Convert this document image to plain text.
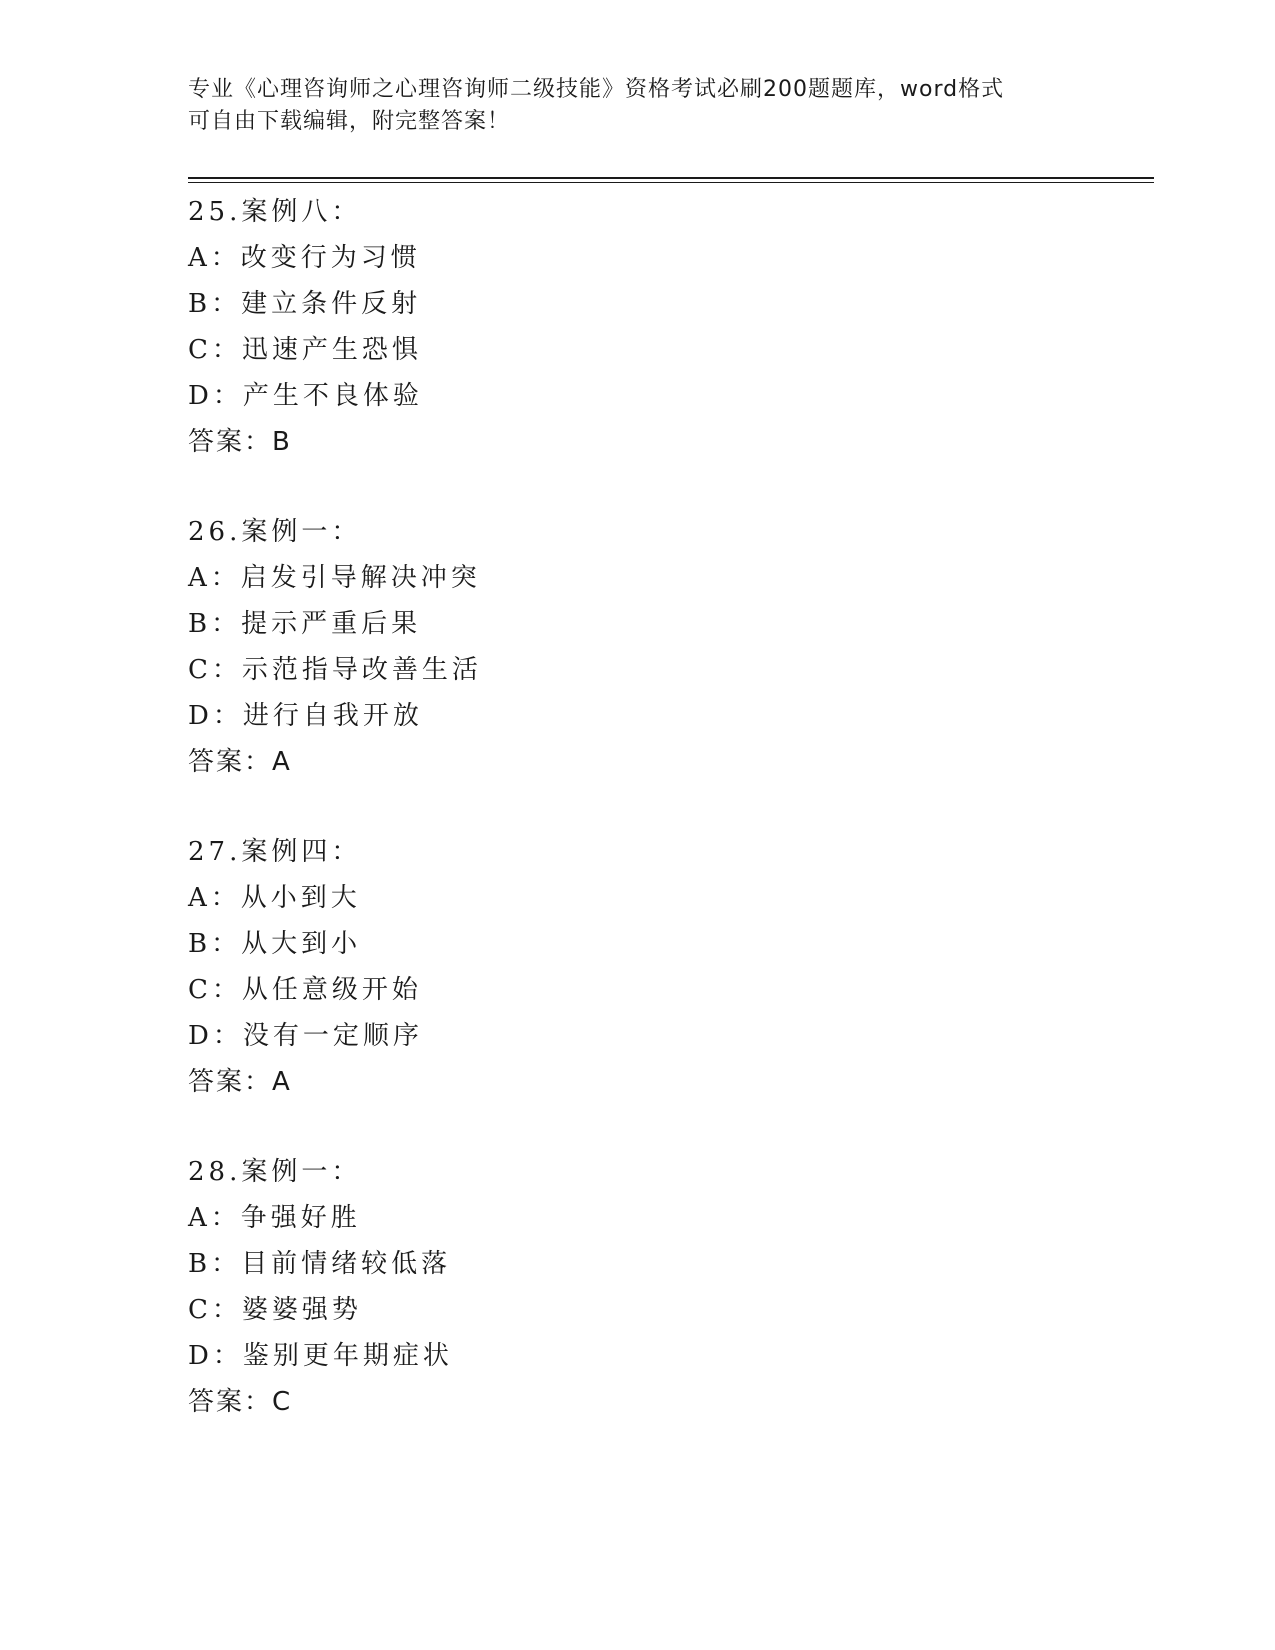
专业《心理咨询师之心理咨询师二级技能》资格考试必刷200题题库，word格式
可自由下载编辑，附完整答案！
25.案例八：
A：改变行为习惯
B：建立条件反射
C：迅速产生恐惧
D：产生不良体验
答案：B
26.案例一：
A：启发引导解决冲突
B：提示严重后果
C：示范指导改善生活
D：进行自我开放
答案：A
27.案例四：
A：从小到大
B：从大到小
C：从任意级开始
D：没有一定顺序
答案：A
28.案例一：
A：争强好胜
B：目前情绪较低落
C：婆婆强势
D：鉴别更年期症状
答案：C
